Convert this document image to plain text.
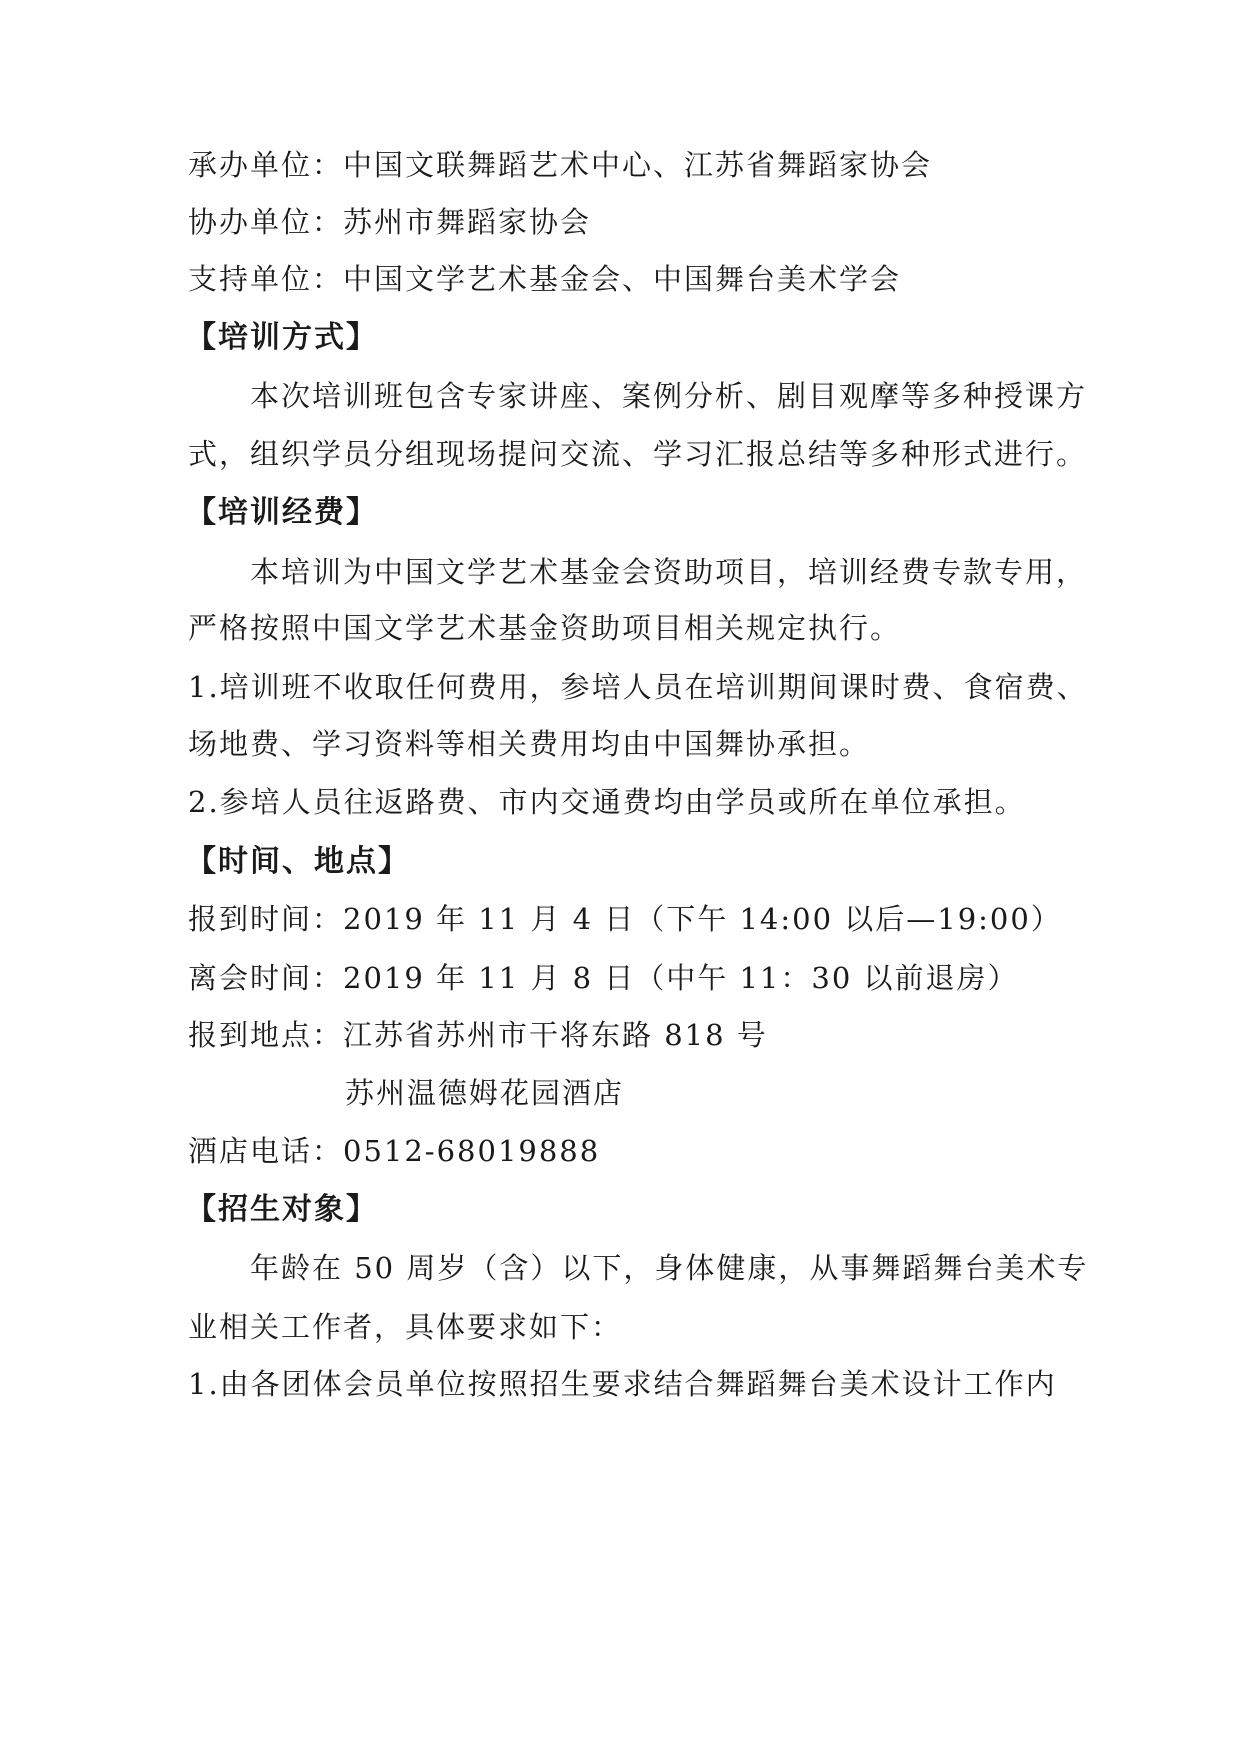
承办单位：中国文联舞蹈艺术中心、江苏省舞蹈家协会
协办单位：苏州市舞蹈家协会
支持单位：中国文学艺术基金会、中国舞台美术学会
【培训方式】
本次培训班包含专家讲座、案例分析、剧目观摩等多种授课方
式，组织学员分组现场提问交流、学习汇报总结等多种形式进行。
【培训经费】
本培训为中国文学艺术基金会资助项目，培训经费专款专用，
严格按照中国文学艺术基金资助项目相关规定执行。
1.培训班不收取任何费用，参培人员在培训期间课时费、食宿费、
场地费、学习资料等相关费用均由中国舞协承担。
2.参培人员往返路费、市内交通费均由学员或所在单位承担。
【时间、地点】
报到时间：2019 年 11 月 4 日（下午 14:00 以后—19:00）
离会时间：2019 年 11 月 8 日（中午 11：30 以前退房）
报到地点：江苏省苏州市干将东路 818 号
苏州温德姆花园酒店
酒店电话：0512-68019888
【招生对象】
年龄在 50 周岁（含）以下，身体健康，从事舞蹈舞台美术专
业相关工作者，具体要求如下：
1.由各团体会员单位按照招生要求结合舞蹈舞台美术设计工作内
